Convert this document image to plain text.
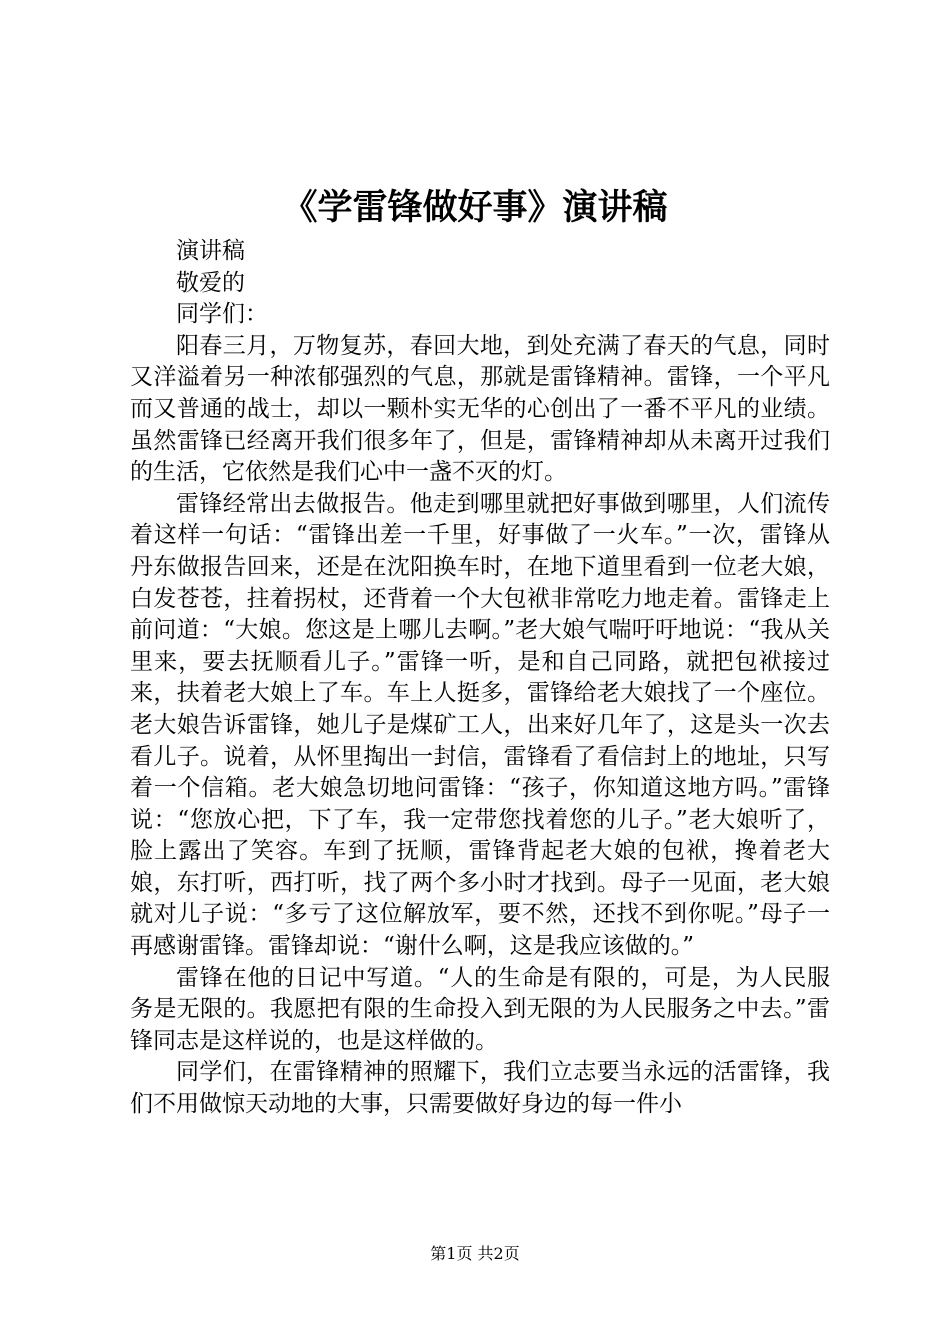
《学雷锋做好事》演讲稿

演讲稿

敬爱的

同学们：

阳春三月，万物复苏，春回大地，到处充满了春天的气息，同时又洋溢着另一种浓郁强烈的气息，那就是雷锋精神。雷锋，一个平凡而又普通的战士，却以一颗朴实无华的心创出了一番不平凡的业绩。虽然雷锋已经离开我们很多年了，但是，雷锋精神却从未离开过我们的生活，它依然是我们心中一盏不灭的灯。

雷锋经常出去做报告。他走到哪里就把好事做到哪里，人们流传着这样一句话：“雷锋出差一千里，好事做了一火车。”一次，雷锋从丹东做报告回来，还是在沈阳换车时，在地下道里看到一位老大娘，白发苍苍，拄着拐杖，还背着一个大包袱非常吃力地走着。雷锋走上前问道：“大娘。您这是上哪儿去啊。”老大娘气喘吁吁地说：“我从关里来，要去抚顺看儿子。”雷锋一听，是和自己同路，就把包袱接过来，扶着老大娘上了车。车上人挺多，雷锋给老大娘找了一个座位。老大娘告诉雷锋，她儿子是煤矿工人，出来好几年了，这是头一次去看儿子。说着，从怀里掏出一封信，雷锋看了看信封上的地址，只写着一个信箱。老大娘急切地问雷锋：“孩子，你知道这地方吗。”雷锋说：“您放心把，下了车，我一定带您找着您的儿子。”老大娘听了，脸上露出了笑容。车到了抚顺，雷锋背起老大娘的包袱，搀着老大娘，东打听，西打听，找了两个多小时才找到。母子一见面，老大娘就对儿子说：“多亏了这位解放军，要不然，还找不到你呢。”母子一再感谢雷锋。雷锋却说：“谢什么啊，这是我应该做的。”

雷锋在他的日记中写道。“人的生命是有限的，可是，为人民服务是无限的。我愿把有限的生命投入到无限的为人民服务之中去。”雷锋同志是这样说的，也是这样做的。

同学们，在雷锋精神的照耀下，我们立志要当永远的活雷锋，我们不用做惊天动地的大事，只需要做好身边的每一件小

第1页 共2页
